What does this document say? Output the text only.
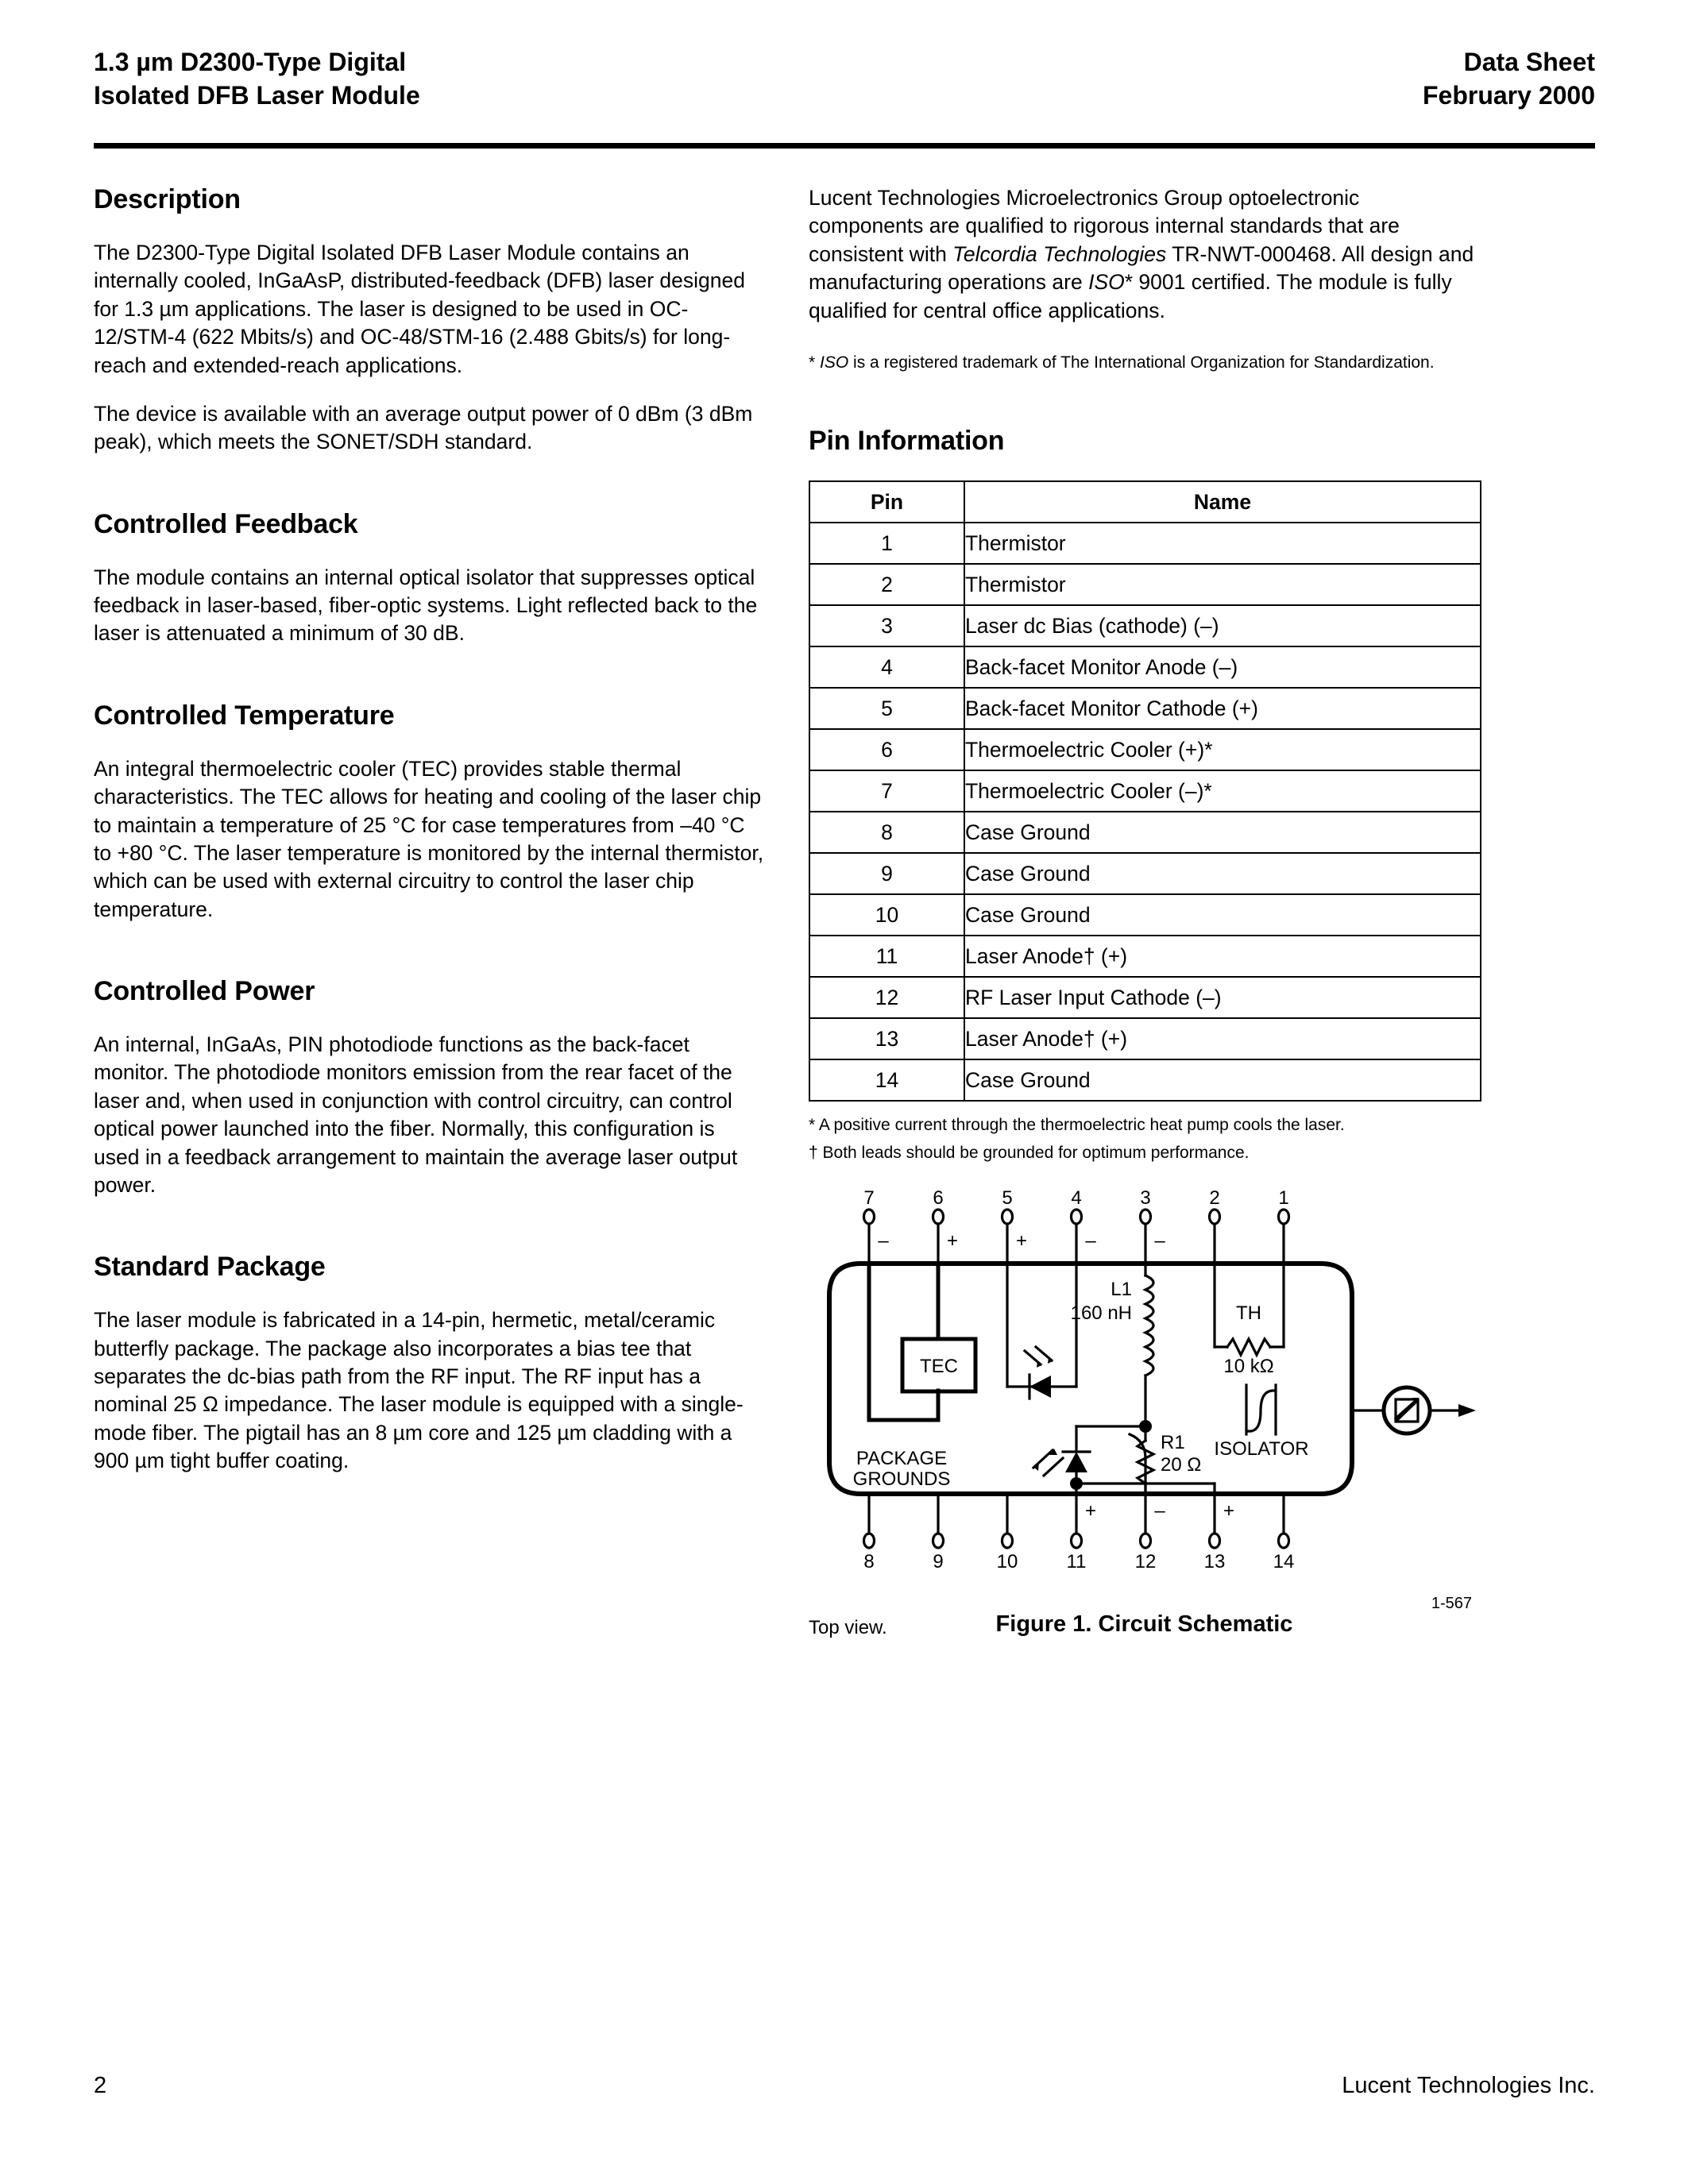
1.3 µm D2300-Type Digital
Isolated DFB Laser Module
Data Sheet
February 2000
Description

The D2300-Type Digital Isolated DFB Laser Module contains an internally cooled, InGaAsP, distributed-feedback (DFB) laser designed for 1.3 µm applications. The laser is designed to be used in OC-12/STM-4 (622 Mbits/s) and OC-48/STM-16 (2.488 Gbits/s) for long-reach and extended-reach applications.

The device is available with an average output power of 0 dBm (3 dBm peak), which meets the SONET/SDH standard.

Controlled Feedback

The module contains an internal optical isolator that suppresses optical feedback in laser-based, fiber-optic systems. Light reflected back to the laser is attenuated a minimum of 30 dB.

Controlled Temperature

An integral thermoelectric cooler (TEC) provides stable thermal characteristics. The TEC allows for heating and cooling of the laser chip to maintain a temperature of 25 °C for case temperatures from –40 °C to +80 °C. The laser temperature is monitored by the internal thermistor, which can be used with external circuitry to control the laser chip temperature.

Controlled Power

An internal, InGaAs, PIN photodiode functions as the back-facet monitor. The photodiode monitors emission from the rear facet of the laser and, when used in conjunction with control circuitry, can control optical power launched into the fiber. Normally, this configuration is used in a feedback arrangement to maintain the average laser output power.

Standard Package

The laser module is fabricated in a 14-pin, hermetic, metal/ceramic butterfly package. The package also incorporates a bias tee that separates the dc-bias path from the RF input. The RF input has a nominal 25 Ω impedance. The laser module is equipped with a single-mode fiber. The pigtail has an 8 µm core and 125 µm cladding with a 900 µm tight buffer coating.

Lucent Technologies Microelectronics Group optoelectronic components are qualified to rigorous internal standards that are consistent with Telcordia Technologies TR-NWT-000468. All design and manufacturing operations are ISO* 9001 certified. The module is fully qualified for central office applications.

* ISO is a registered trademark of The International Organization for Standardization.

Pin Information
Pin	Name
1	Thermistor
2	Thermistor
3	Laser dc Bias (cathode) (–)
4	Back-facet Monitor Anode (–)
5	Back-facet Monitor Cathode (+)
6	Thermoelectric Cooler (+)*
7	Thermoelectric Cooler (–)*
8	Case Ground
9	Case Ground
10	Case Ground
11	Laser Anode† (+)
12	RF Laser Input Cathode (–)
13	Laser Anode† (+)
14	Case Ground

* A positive current through the thermoelectric heat pump cools the laser.

† Both leads should be grounded for optimum performance.

7	6	5	4	3	2	1
–	+	+	–	–
8	9	10	11	12	13	14
+	–	+
TEC
PACKAGE
GROUNDS
L1
160 nH	TH
10 kΩ
R1
20 Ω
ISOLATOR
Top view.
1-567
Figure 1. Circuit Schematic
2	Lucent Technologies Inc.
